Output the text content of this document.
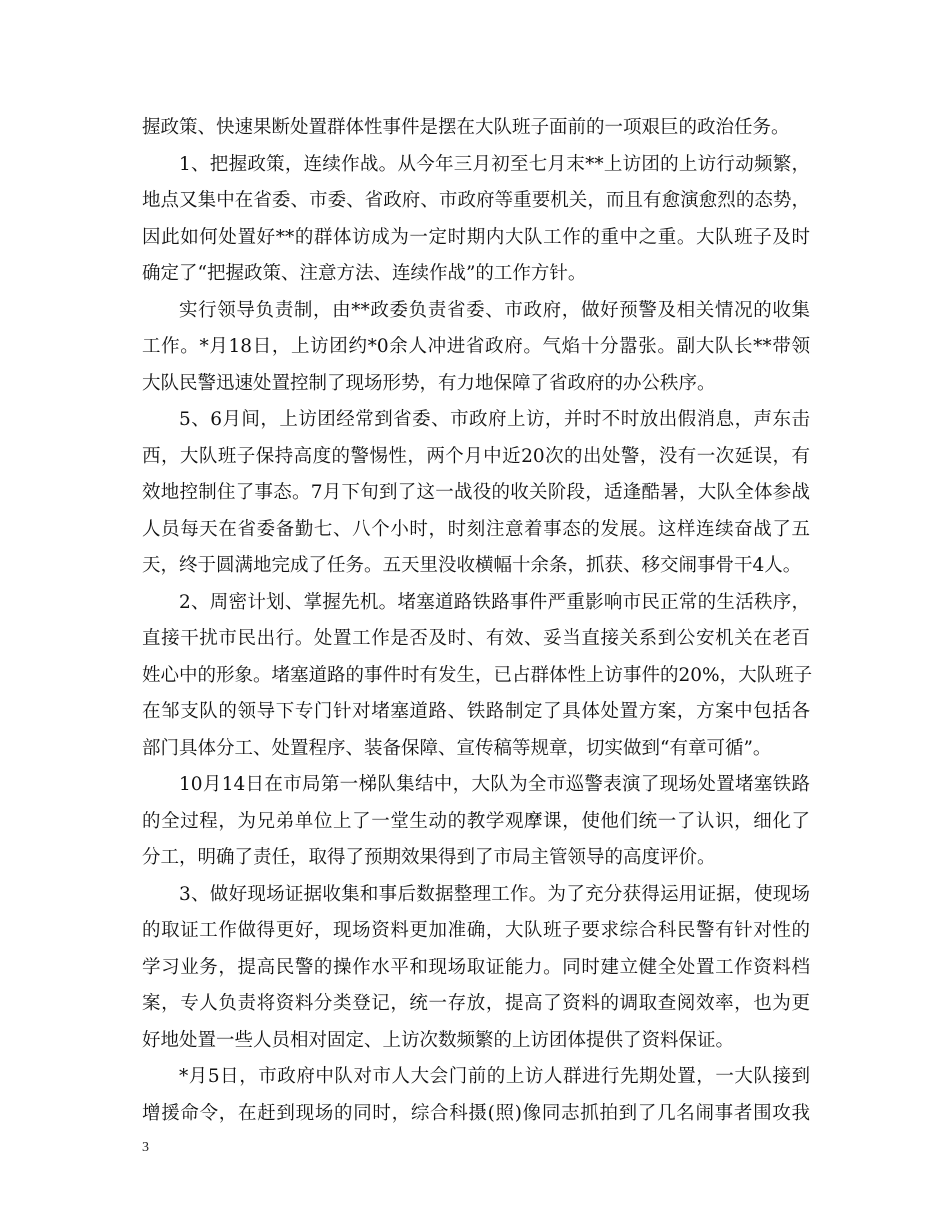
握政策、快速果断处置群体性事件是摆在大队班子面前的一项艰巨的政治任务。
1、把握政策，连续作战。从今年三月初至七月末**上访团的上访行动频繁，
地点又集中在省委、市委、省政府、市政府等重要机关，而且有愈演愈烈的态势，
因此如何处置好**的群体访成为一定时期内大队工作的重中之重。大队班子及时
确定了“把握政策、注意方法、连续作战”的工作方针。
实行领导负责制，由**政委负责省委、市政府，做好预警及相关情况的收集
工作。*月18日，上访团约*0余人冲进省政府。气焰十分嚣张。副大队长**带领
大队民警迅速处置控制了现场形势，有力地保障了省政府的办公秩序。
5、6月间，上访团经常到省委、市政府上访，并时不时放出假消息，声东击
西，大队班子保持高度的警惕性，两个月中近20次的出处警，没有一次延误，有
效地控制住了事态。7月下旬到了这一战役的收关阶段，适逢酷暑，大队全体参战
人员每天在省委备勤七、八个小时，时刻注意着事态的发展。这样连续奋战了五
天，终于圆满地完成了任务。五天里没收横幅十余条，抓获、移交闹事骨干4人。
2、周密计划、掌握先机。堵塞道路铁路事件严重影响市民正常的生活秩序，
直接干扰市民出行。处置工作是否及时、有效、妥当直接关系到公安机关在老百
姓心中的形象。堵塞道路的事件时有发生，已占群体性上访事件的20%，大队班子
在邹支队的领导下专门针对堵塞道路、铁路制定了具体处置方案，方案中包括各
部门具体分工、处置程序、装备保障、宣传稿等规章，切实做到“有章可循”。
10月14日在市局第一梯队集结中，大队为全市巡警表演了现场处置堵塞铁路
的全过程，为兄弟单位上了一堂生动的教学观摩课，使他们统一了认识，细化了
分工，明确了责任，取得了预期效果得到了市局主管领导的高度评价。
3、做好现场证据收集和事后数据整理工作。为了充分获得运用证据，使现场
的取证工作做得更好，现场资料更加准确，大队班子要求综合科民警有针对性的
学习业务，提高民警的操作水平和现场取证能力。同时建立健全处置工作资料档
案，专人负责将资料分类登记，统一存放，提高了资料的调取查阅效率，也为更
好地处置一些人员相对固定、上访次数频繁的上访团体提供了资料保证。
*月5日，市政府中队对市人大会门前的上访人群进行先期处置，一大队接到
增援命令，在赶到现场的同时，综合科摄(照)像同志抓拍到了几名闹事者围攻我
3
